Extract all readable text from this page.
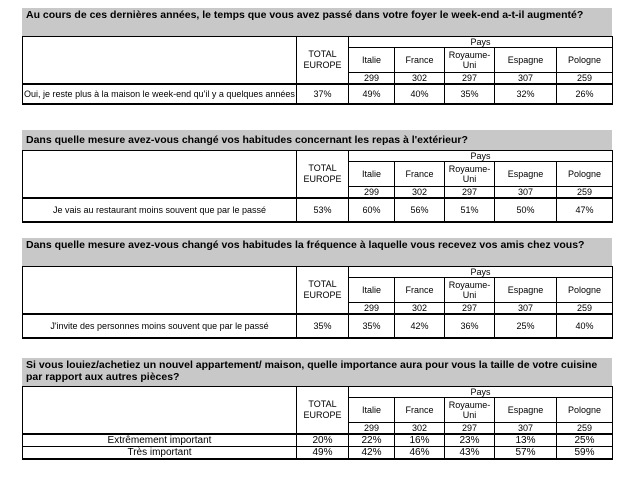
Au cours de ces dernières années, le temps que vous avez passé dans votre foyer le week-end a-t-il augmenté?
	TOTAL EUROPE	Pays				
		Italie	France	Royaume-Uni	Espagne	Pologne
		299	302	297	307	259
Oui, je reste plus à la maison le week-end qu'il y a quelques années	37%	49%	40%	35%	32%	26%
Dans quelle mesure avez-vous changé vos habitudes concernant les repas à l'extérieur?
	TOTAL EUROPE	Pays				
		Italie	France	Royaume-Uni	Espagne	Pologne
		299	302	297	307	259
Je vais au restaurant moins souvent que par le passé	53%	60%	56%	51%	50%	47%
Dans quelle mesure avez-vous changé vos habitudes la fréquence à laquelle vous recevez vos amis chez vous?
	TOTAL EUROPE	Pays				
		Italie	France	Royaume-Uni	Espagne	Pologne
		299	302	297	307	259
J'invite des personnes moins souvent que par le passé	35%	35%	42%	36%	25%	40%
Si vous louiez/achetiez un nouvel appartement/ maison, quelle importance aura pour vous la taille de votre cuisine par rapport aux autres pièces?
	TOTAL EUROPE	Pays				
		Italie	France	Royaume-Uni	Espagne	Pologne
		299	302	297	307	259
Extrêmement important	20%	22%	16%	23%	13%	25%
Très important	49%	42%	46%	43%	57%	59%
